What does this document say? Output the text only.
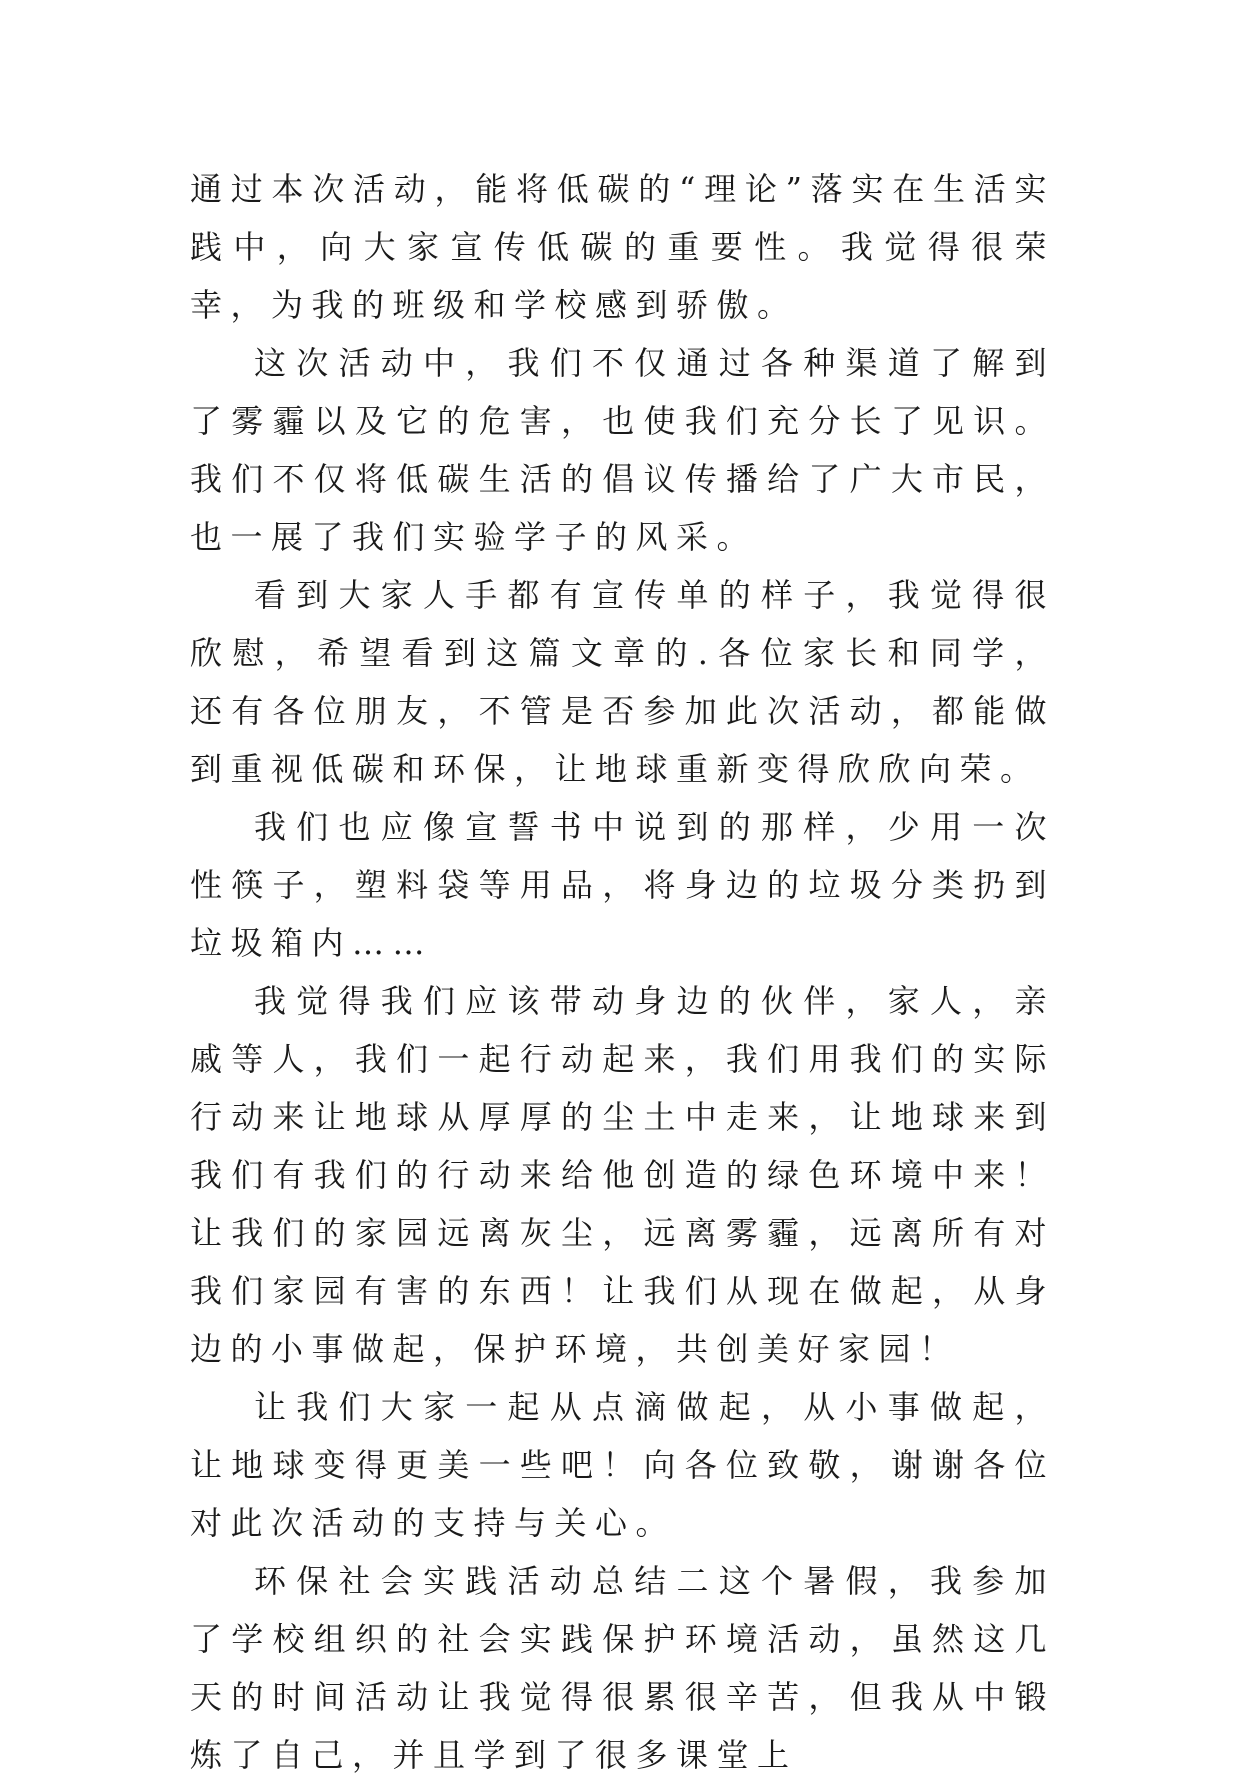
通过本次活动，能将低碳的“理论”落实在生活实践中，向大家宣传低碳的重要性。我觉得很荣幸，为我的班级和学校感到骄傲。

这次活动中，我们不仅通过各种渠道了解到了雾霾以及它的危害，也使我们充分长了见识。我们不仅将低碳生活的倡议传播给了广大市民，也一展了我们实验学子的风采。

看到大家人手都有宣传单的样子，我觉得很欣慰，希望看到这篇文章的.各位家长和同学，还有各位朋友，不管是否参加此次活动，都能做到重视低碳和环保，让地球重新变得欣欣向荣。

我们也应像宣誓书中说到的那样，少用一次性筷子，塑料袋等用品，将身边的垃圾分类扔到垃圾箱内……

我觉得我们应该带动身边的伙伴，家人，亲戚等人，我们一起行动起来，我们用我们的实际行动来让地球从厚厚的尘土中走来，让地球来到我们有我们的行动来给他创造的绿色环境中来！让我们的家园远离灰尘，远离雾霾，远离所有对我们家园有害的东西！让我们从现在做起，从身边的小事做起，保护环境，共创美好家园！

让我们大家一起从点滴做起，从小事做起，让地球变得更美一些吧！向各位致敬，谢谢各位对此次活动的支持与关心。

环保社会实践活动总结二这个暑假，我参加了学校组织的社会实践保护环境活动，虽然这几天的时间活动让我觉得很累很辛苦，但我从中锻炼了自己，并且学到了很多课堂上
